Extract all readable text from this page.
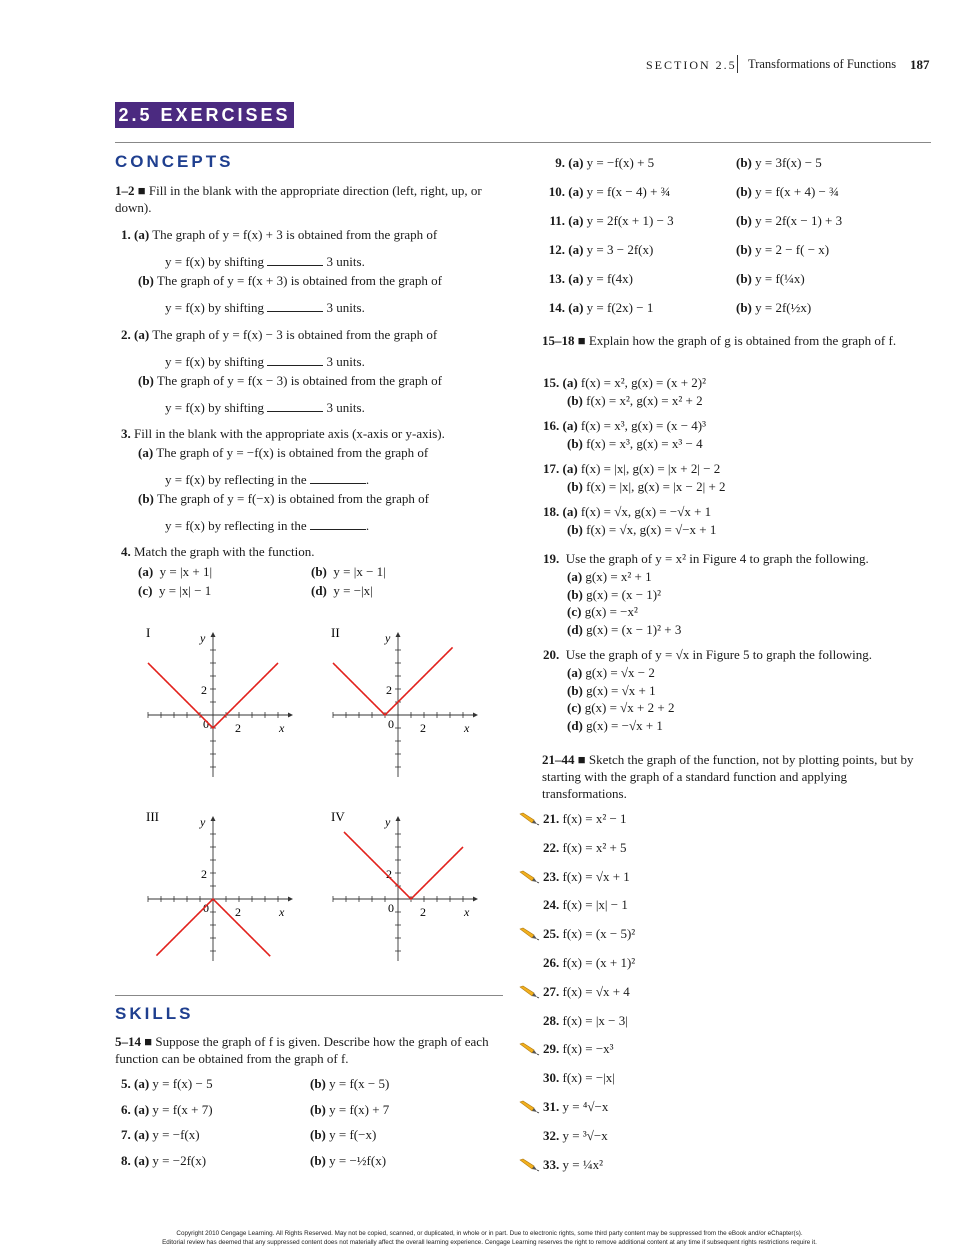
SECTION 2.5 Transformations of Functions 187
2.5 EXERCISES
CONCEPTS
1–2 ■ Fill in the blank with the appropriate direction (left, right, up, or down).
1. (a) The graph of y = f(x) + 3 is obtained from the graph of
y = f(x) by shifting	3 units.
(b) The graph of y = f(x + 3) is obtained from the graph of
y = f(x) by shifting	3 units.
2. (a) The graph of y = f(x) − 3 is obtained from the graph of
y = f(x) by shifting	3 units.
(b) The graph of y = f(x − 3) is obtained from the graph of
y = f(x) by shifting	3 units.
3. Fill in the blank with the appropriate axis (x-axis or y-axis).
(a) The graph of y = −f(x) is obtained from the graph of
y = f(x) by reflecting in the	.
(b) The graph of y = f(−x) is obtained from the graph of
y = f(x) by reflecting in the	.
4. Match the graph with the function.
(a) y = |x + 1|	(b) y = |x − 1|
(c) y = |x| − 1	(d) y = −|x|
I	y
x
2
2
0
II	y
x
2
2
0
III	y
x
2
2
0
IV	y
x
2
2
0
SKILLS
5–14 ■ Suppose the graph of f is given. Describe how the graph of each function can be obtained from the graph of f.
5. (a) y = f(x) − 5	(b) y = f(x − 5)
6. (a) y = f(x + 7)	(b) y = f(x) + 7
7. (a) y = −f(x)	(b) y = f(−x)
8. (a) y = −2f(x)	(b) y = −½f(x)
9. (a) y = −f(x) + 5	(b) y = 3f(x) − 5
10. (a) y = f(x − 4) + ¾	(b) y = f(x + 4) − ¾
11. (a) y = 2f(x + 1) − 3	(b) y = 2f(x − 1) + 3
12. (a) y = 3 − 2f(x)	(b) y = 2 − f( − x)
13. (a) y = f(4x)	(b) y = f(¼x)
14. (a) y = f(2x) − 1	(b) y = 2f(½x)
15–18 ■ Explain how the graph of g is obtained from the graph of f.
15. (a) f(x) = x², g(x) = (x + 2)²
(b) f(x) = x², g(x) = x² + 2
16. (a) f(x) = x³, g(x) = (x − 4)³
(b) f(x) = x³, g(x) = x³ − 4
17. (a) f(x) = |x|, g(x) = |x + 2| − 2
(b) f(x) = |x|, g(x) = |x − 2| + 2
18. (a) f(x) = √x, g(x) = −√x + 1
(b) f(x) = √x, g(x) = √−x + 1
19. Use the graph of y = x² in Figure 4 to graph the following.
(a) g(x) = x² + 1
(b) g(x) = (x − 1)²
(c) g(x) = −x²
(d) g(x) = (x − 1)² + 3
20. Use the graph of y = √x in Figure 5 to graph the following.
(a) g(x) = √x − 2
(b) g(x) = √x + 1
(c) g(x) = √x + 2 + 2
(d) g(x) = −√x + 1
21–44 ■ Sketch the graph of the function, not by plotting points, but by starting with the graph of a standard function and applying transformations.
21. f(x) = x² − 1
22. f(x) = x² + 5
23. f(x) = √x + 1
24. f(x) = |x| − 1
25. f(x) = (x − 5)²
26. f(x) = (x + 1)²
27. f(x) = √x + 4
28. f(x) = |x − 3|
29. f(x) = −x³
30. f(x) = −|x|
31. y = ⁴√−x
32. y = ³√−x
33. y = ¼x²
Copyright 2010 Cengage Learning. All Rights Reserved. May not be copied, scanned, or duplicated, in whole or in part. Due to electronic rights, some third party content may be suppressed from the eBook and/or eChapter(s).
Editorial review has deemed that any suppressed content does not materially affect the overall learning experience. Cengage Learning reserves the right to remove additional content at any time if subsequent rights restrictions require it.
